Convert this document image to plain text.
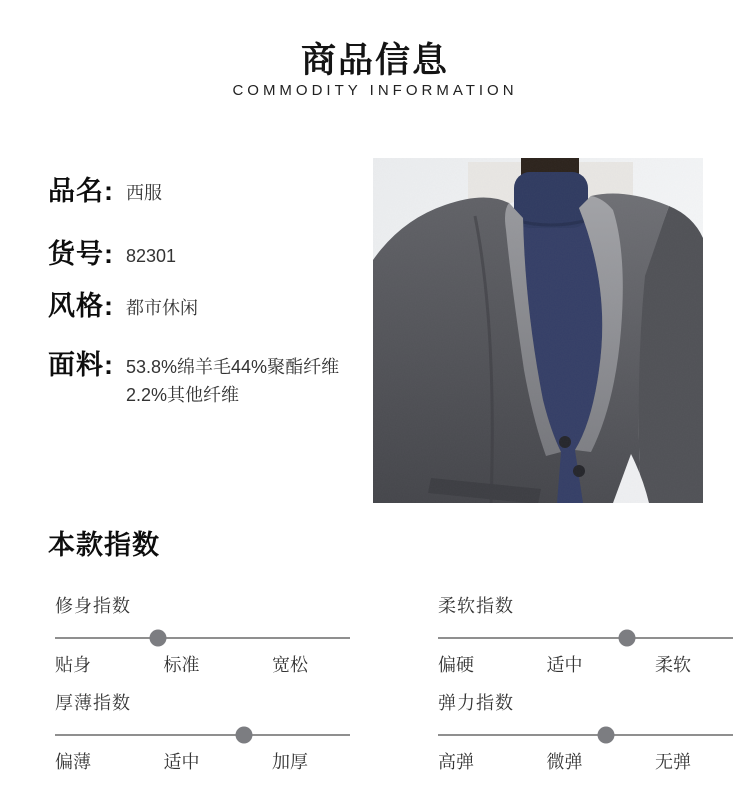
商品信息
COMMODITY INFORMATION
品名: 西服
货号: 82301
风格: 都市休闲
面料: 53.8%绵羊毛44%聚酯纤维
2.2%其他纤维
本款指数
修身指数
贴身	标准	宽松
柔软指数
偏硬	适中	柔软
厚薄指数
偏薄	适中	加厚
弹力指数
高弹	微弹	无弹
